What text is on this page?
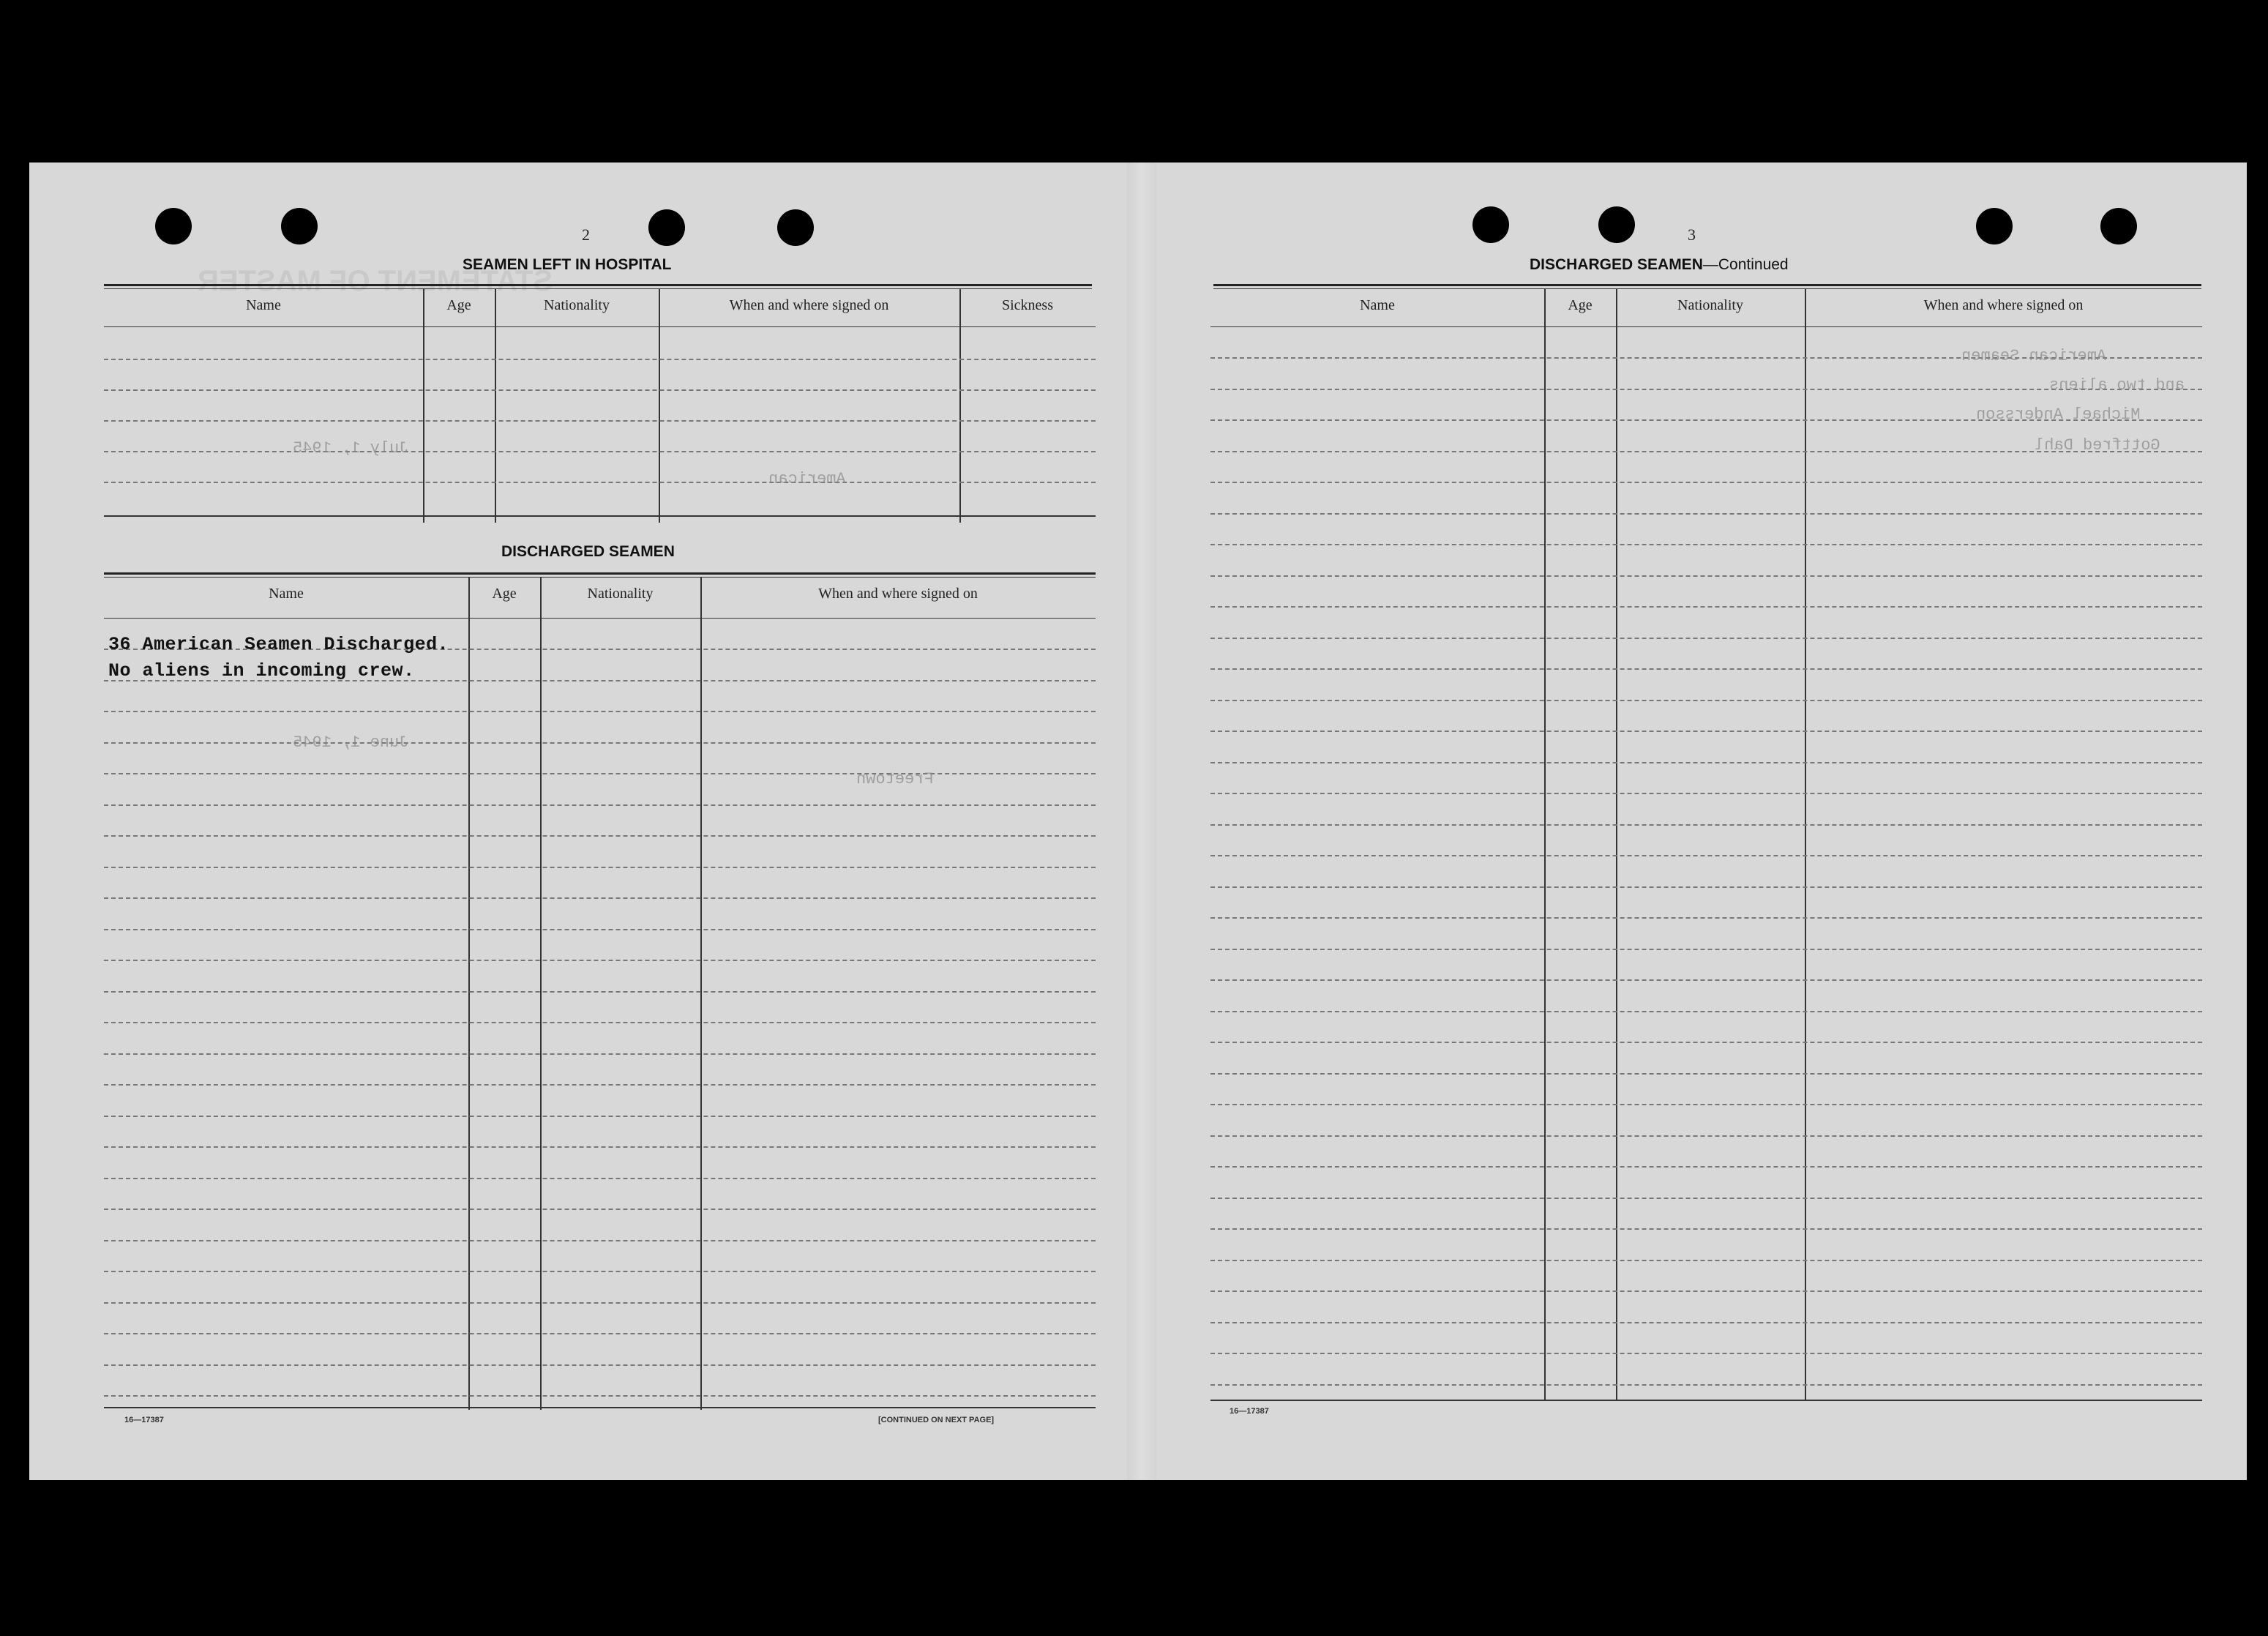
STATEMENT OF MASTER
2
SEAMEN LEFT IN HOSPITAL
Name	Age	Nationality	When and where signed on	Sickness
DISCHARGED SEAMEN
Name	Age	Nationality	When and where signed on
36 American Seamen Discharged.
No aliens in incoming crew.
16—17387	[CONTINUED ON NEXT PAGE]
3
DISCHARGED SEAMEN—Continued
Name	Age	Nationality	When and where signed on
16—17387
July 1, 1945
American
June 1, 1945
Freetown
American Seamen
and two aliens
Michael Andersson
Gottfred Dahl
